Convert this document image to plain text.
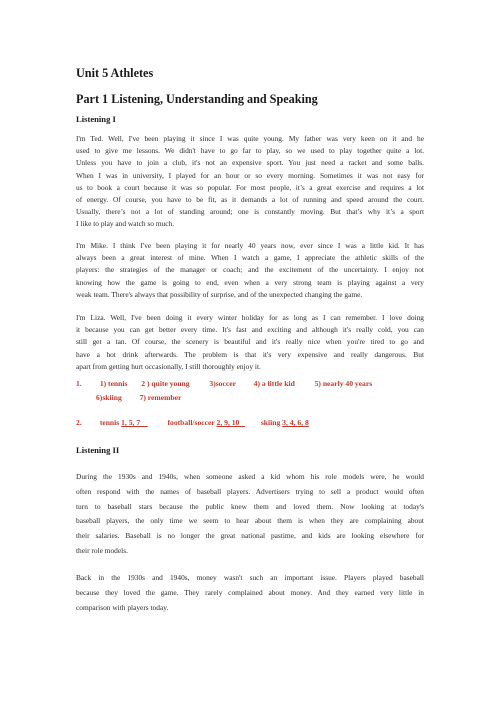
Unit 5 Athletes
Part 1 Listening, Understanding and Speaking
Listening I
I'm Ted. Well, I've been playing it since I was quite young. My father was very keen on it and he
used to give me lessons. We didn't have to go far to play, so we used to play together quite a lot.
Unless you have to join a club, it's not an expensive sport. You just need a racket and some balls.
When I was in university, I played for an hour or so every morning. Sometimes it was not easy for
us to book a court because it was so popular. For most people, it’s a great exercise and requires a lot
of energy. Of course, you have to be fit, as it demands a lot of running and speed around the court.
Usually, there’s not a lot of standing around; one is constantly moving. But that’s why it’s a sport
I like to play and watch so much.
I'm Mike. I think I've been playing it for nearly 40 years now, ever since I was a little kid. It has
always been a great interest of mine. When I watch a game, I appreciate the athletic skills of the
players: the strategies of the manager or coach; and the excitement of the uncertainty. I enjoy not
knowing how the game is going to end, even when a very strong team is playing against a very
weak team. There's always that possibility of surprise, and of the unexpected changing the game.
I'm Liza. Well, I've been doing it every winter holiday for as long as I can remember. I love doing
it because you can get better every time. It's fast and exciting and although it's really cold, you can
still get a tan. Of course, the scenery is beautiful and it's really nice when you're tired to go and
have a hot drink afterwards. The problem is that it's very expensive and really dangerous. But
apart from getting hurt occasionally, I still thoroughly enjoy it.
1. 1) tennis 2 ) quite young	3)soccer 4) a little kid	5) nearly 40 years
6)skiing 7) remember
2. tennis 1, 5, 7	football/soccer 2, 9, 10	skiing 3, 4, 6, 8
Listening II
During the 1930s and 1940s, when someone asked a kid whom his role models were, he would
often respond with the names of baseball players. Advertisers trying to sell a product would often
turn to baseball stars because the public knew them and loved them. Now looking at today's
baseball players, the only time we seem to hear about them is when they are complaining about
their salaries. Baseball is no longer the great national pastime, and kids are looking elsewhere for
their role models.
Back in the 1930s and 1940s, money wasn't such an important issue. Players played baseball
because they loved the game. They rarely complained about money. And they earned very little in
comparison with players today.
